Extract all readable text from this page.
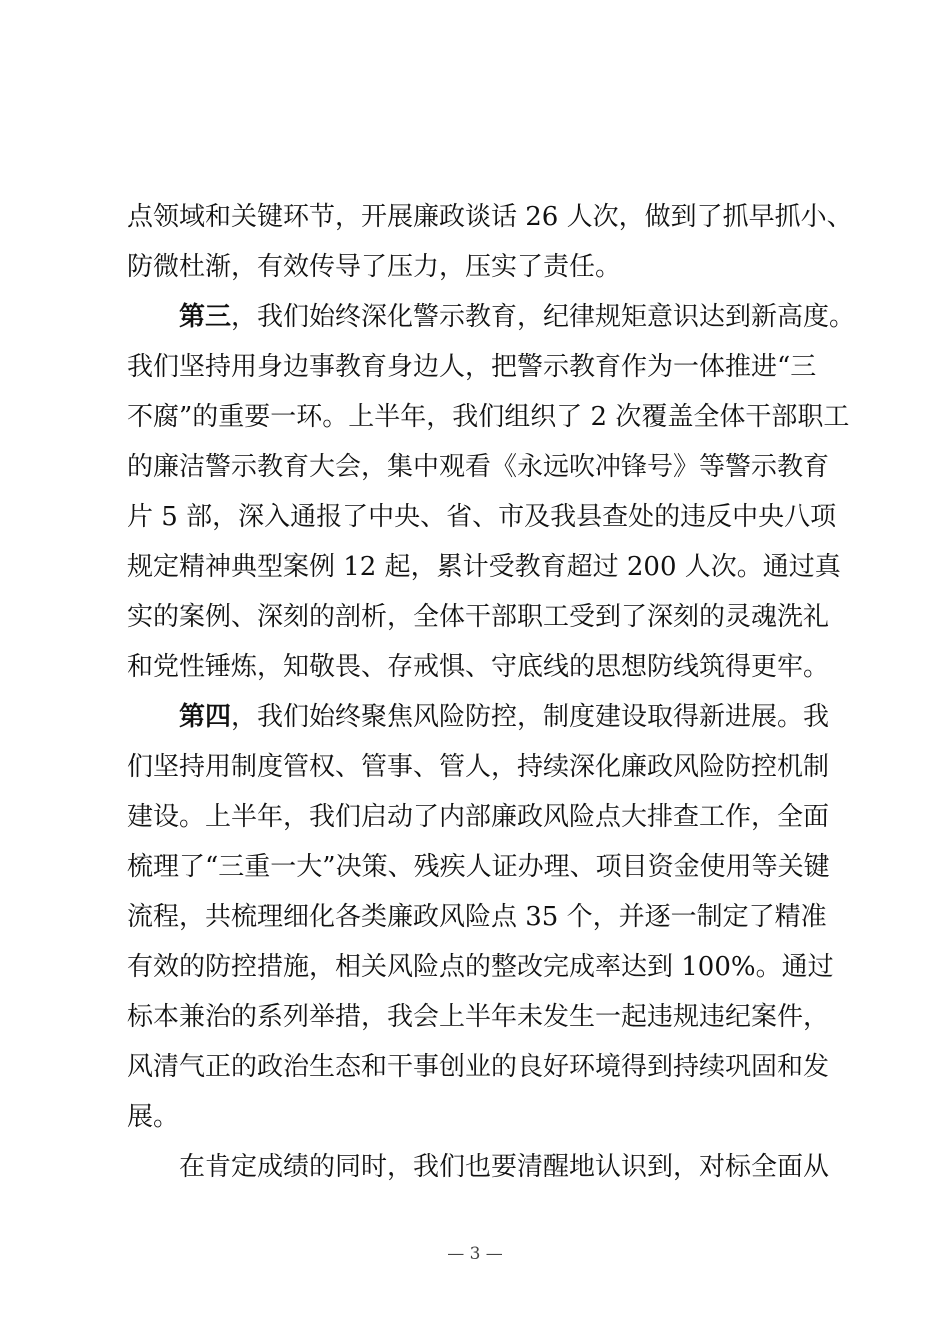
点领域和关键环节，开展廉政谈话 26 人次，做到了抓早抓小、
防微杜渐，有效传导了压力，压实了责任。
第三，我们始终深化警示教育，纪律规矩意识达到新高度。
我们坚持用身边事教育身边人，把警示教育作为一体推进“三
不腐”的重要一环。上半年，我们组织了 2 次覆盖全体干部职工
的廉洁警示教育大会，集中观看《永远吹冲锋号》等警示教育
片 5 部，深入通报了中央、省、市及我县查处的违反中央八项
规定精神典型案例 12 起，累计受教育超过 200 人次。通过真
实的案例、深刻的剖析，全体干部职工受到了深刻的灵魂洗礼
和党性锤炼，知敬畏、存戒惧、守底线的思想防线筑得更牢。
第四，我们始终聚焦风险防控，制度建设取得新进展。我
们坚持用制度管权、管事、管人，持续深化廉政风险防控机制
建设。上半年，我们启动了内部廉政风险点大排查工作，全面
梳理了“三重一大”决策、残疾人证办理、项目资金使用等关键
流程，共梳理细化各类廉政风险点 35 个，并逐一制定了精准
有效的防控措施，相关风险点的整改完成率达到 100%。通过
标本兼治的系列举措，我会上半年未发生一起违规违纪案件，
风清气正的政治生态和干事创业的良好环境得到持续巩固和发
展。
在肯定成绩的同时，我们也要清醒地认识到，对标全面从
— 3 —
